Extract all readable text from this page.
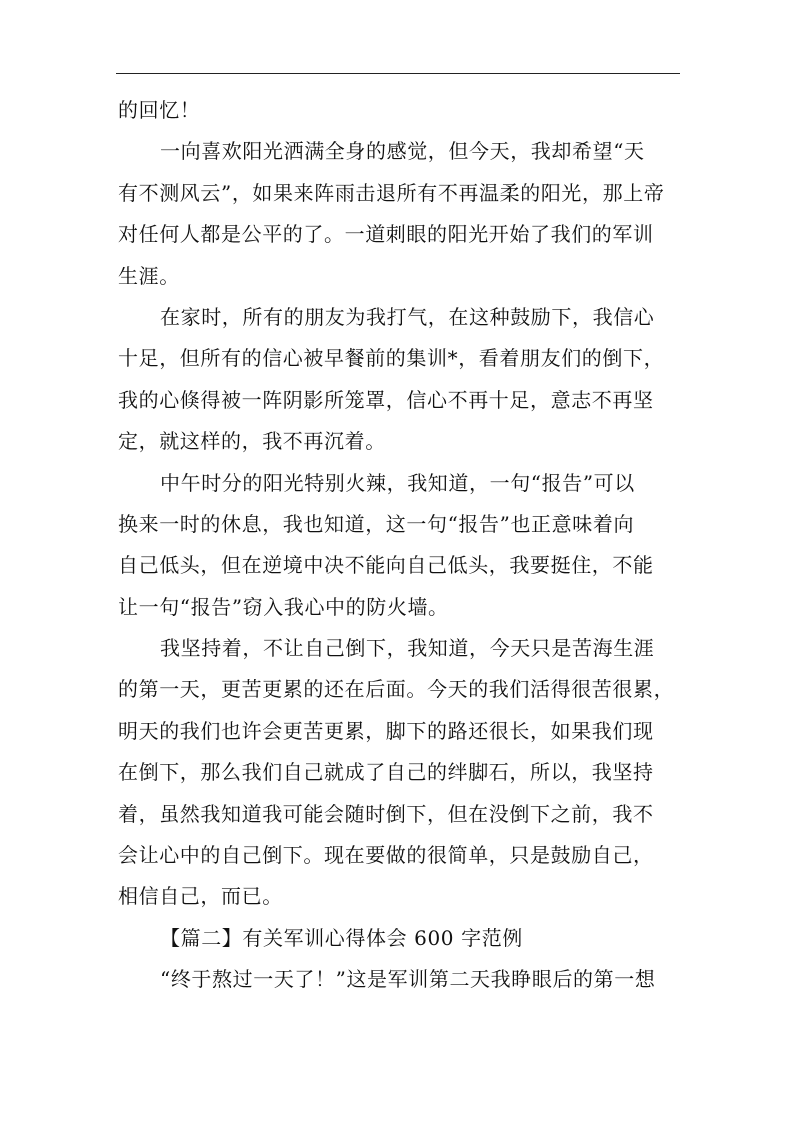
的回忆！
一向喜欢阳光洒满全身的感觉，但今天，我却希望“天
有不测风云”，如果来阵雨击退所有不再温柔的阳光，那上帝
对任何人都是公平的了。一道刺眼的阳光开始了我们的军训
生涯。
在家时，所有的朋友为我打气，在这种鼓励下，我信心
十足，但所有的信心被早餐前的集训*，看着朋友们的倒下，
我的心倏得被一阵阴影所笼罩，信心不再十足，意志不再坚
定，就这样的，我不再沉着。
中午时分的阳光特别火辣，我知道，一句“报告”可以
换来一时的休息，我也知道，这一句“报告”也正意味着向
自己低头，但在逆境中决不能向自己低头，我要挺住，不能
让一句“报告”窃入我心中的防火墙。
我坚持着，不让自己倒下，我知道，今天只是苦海生涯
的第一天，更苦更累的还在后面。今天的我们活得很苦很累，
明天的我们也许会更苦更累，脚下的路还很长，如果我们现
在倒下，那么我们自己就成了自己的绊脚石，所以，我坚持
着，虽然我知道我可能会随时倒下，但在没倒下之前，我不
会让心中的自己倒下。现在要做的很简单，只是鼓励自己，
相信自己，而已。
【篇二】有关军训心得体会 600 字范例
“终于熬过一天了！”这是军训第二天我睁眼后的第一想
